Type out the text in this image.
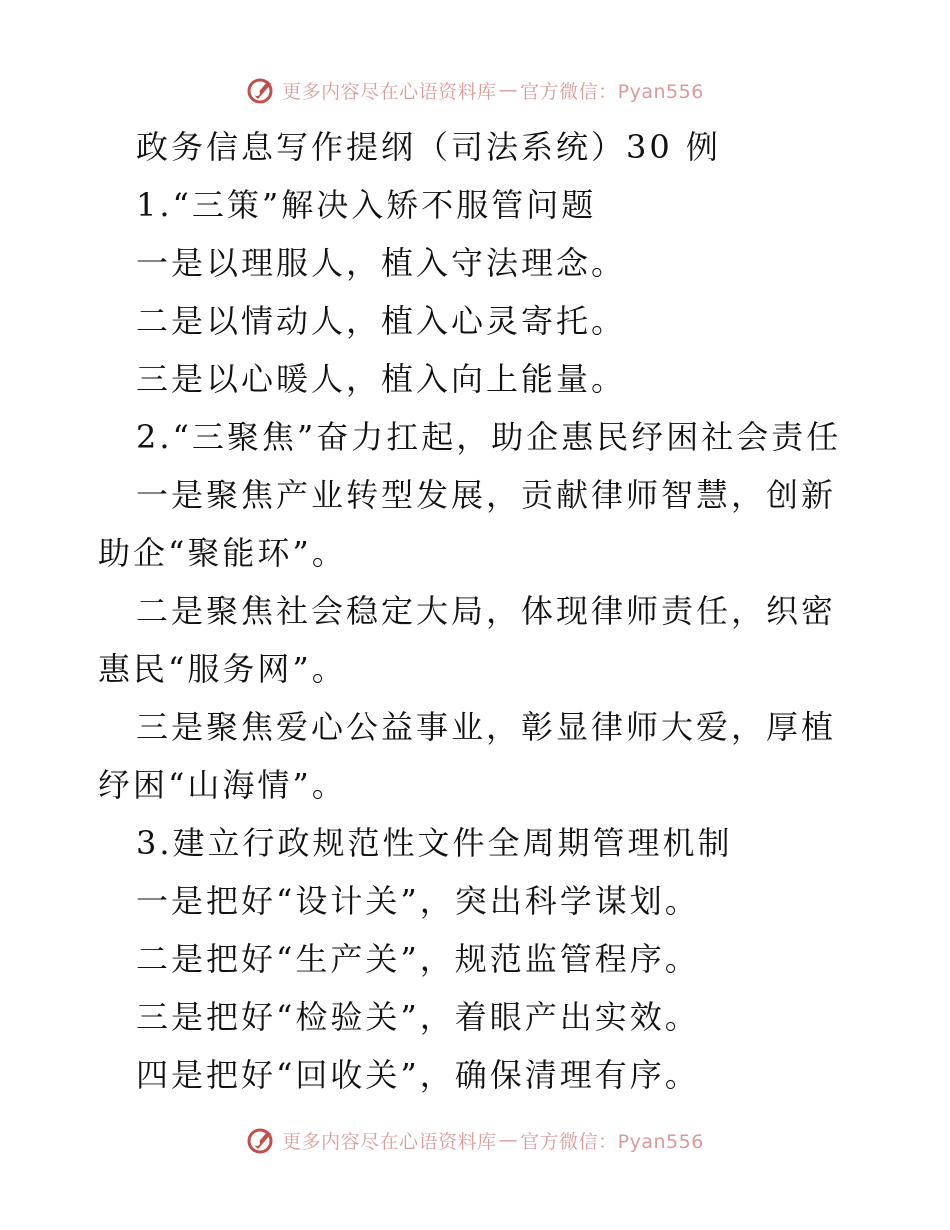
更多内容尽在心语资料库 — 官方微信：Pyan556

政务信息写作提纲（司法系统）30 例

1.“三策”解决入矫不服管问题

一是以理服人，植入守法理念。

二是以情动人，植入心灵寄托。

三是以心暖人，植入向上能量。

2.“三聚焦”奋力扛起，助企惠民纾困社会责任

一是聚焦产业转型发展，贡献律师智慧，创新助企“聚能环”。

二是聚焦社会稳定大局，体现律师责任，织密惠民“服务网”。

三是聚焦爱心公益事业，彰显律师大爱，厚植纾困“山海情”。

3.建立行政规范性文件全周期管理机制

一是把好“设计关”，突出科学谋划。

二是把好“生产关”，规范监管程序。

三是把好“检验关”，着眼产出实效。

四是把好“回收关”，确保清理有序。

更多内容尽在心语资料库 — 官方微信：Pyan556
